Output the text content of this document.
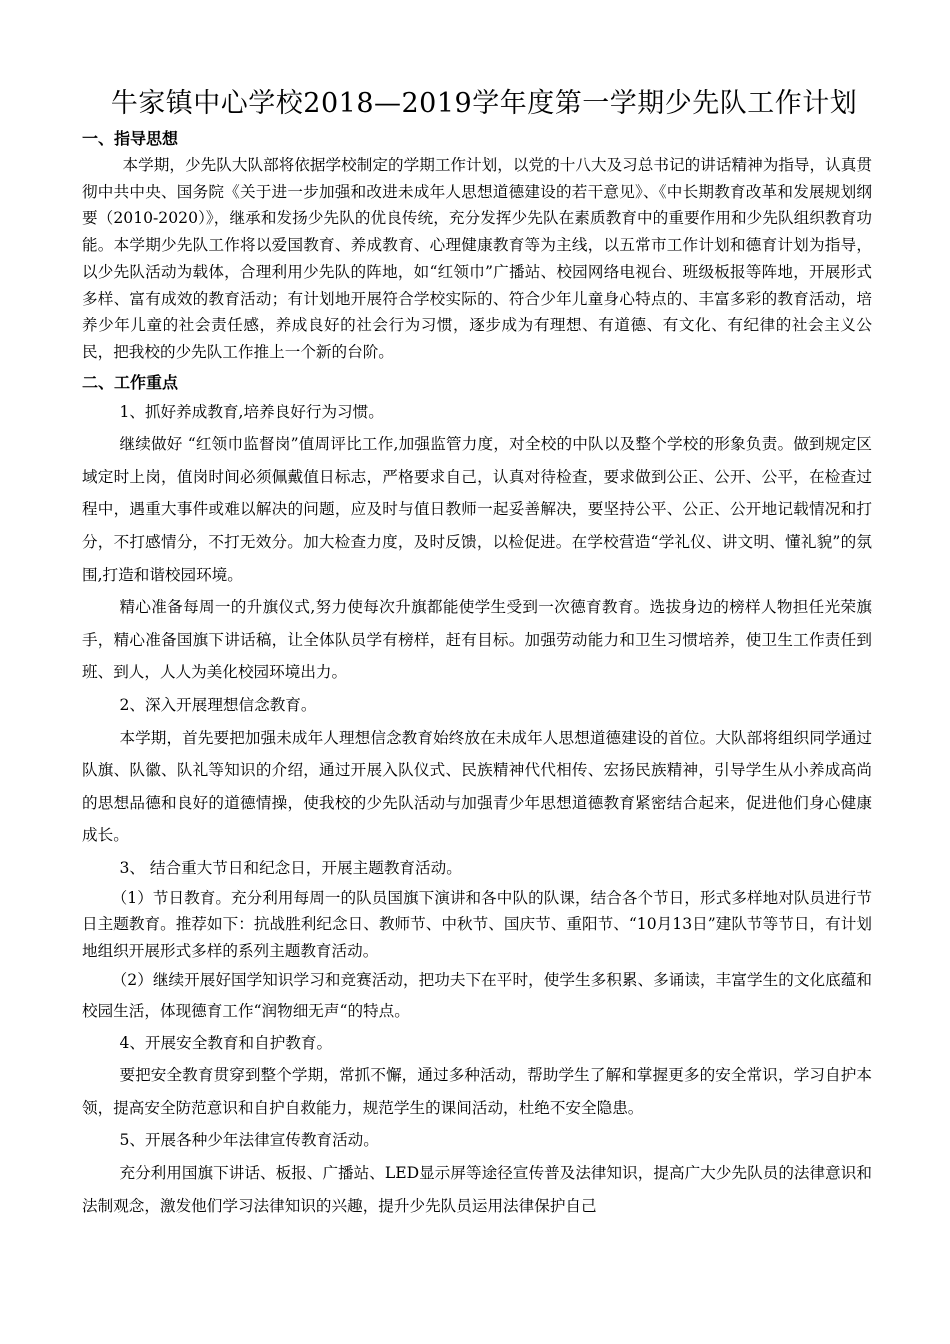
牛家镇中心学校2018—2019学年度第一学期少先队工作计划
一、指导思想

本学期，少先队大队部将依据学校制定的学期工作计划，以党的十八大及习总书记的讲话精神为指导，认真贯彻中共中央、国务院《关于进一步加强和改进未成年人思想道德建设的若干意见》、《中长期教育改革和发展规划纲要（2010-2020）》，继承和发扬少先队的优良传统，充分发挥少先队在素质教育中的重要作用和少先队组织教育功能。本学期少先队工作将以爱国教育、养成教育、心理健康教育等为主线，以五常市工作计划和德育计划为指导，以少先队活动为载体，合理利用少先队的阵地，如“红领巾”广播站、校园网络电视台、班级板报等阵地，开展形式多样、富有成效的教育活动；有计划地开展符合学校实际的、符合少年儿童身心特点的、丰富多彩的教育活动，培养少年儿童的社会责任感，养成良好的社会行为习惯，逐步成为有理想、有道德、有文化、有纪律的社会主义公民，把我校的少先队工作推上一个新的台阶。

二、工作重点

1、抓好养成教育,培养良好行为习惯。

继续做好 “红领巾监督岗”值周评比工作,加强监管力度，对全校的中队以及整个学校的形象负责。做到规定区域定时上岗，值岗时间必须佩戴值日标志，严格要求自己，认真对待检查，要求做到公正、公开、公平，在检查过程中，遇重大事件或难以解决的问题，应及时与值日教师一起妥善解决，要坚持公平、公正、公开地记载情况和打分，不打感情分，不打无效分。加大检查力度，及时反馈，以检促进。在学校营造“学礼仪、讲文明、懂礼貌”的氛围,打造和谐校园环境。

精心准备每周一的升旗仪式,努力使每次升旗都能使学生受到一次德育教育。选拔身边的榜样人物担任光荣旗手，精心准备国旗下讲话稿，让全体队员学有榜样，赶有目标。加强劳动能力和卫生习惯培养，使卫生工作责任到班、到人，人人为美化校园环境出力。

2、深入开展理想信念教育。

本学期，首先要把加强未成年人理想信念教育始终放在未成年人思想道德建设的首位。大队部将组织同学通过队旗、队徽、队礼等知识的介绍，通过开展入队仪式、民族精神代代相传、宏扬民族精神，引导学生从小养成高尚的思想品德和良好的道德情操，使我校的少先队活动与加强青少年思想道德教育紧密结合起来，促进他们身心健康成长。

3、 结合重大节日和纪念日，开展主题教育活动。

（1）节日教育。充分利用每周一的队员国旗下演讲和各中队的队课，结合各个节日，形式多样地对队员进行节日主题教育。推荐如下：抗战胜利纪念日、教师节、中秋节、国庆节、重阳节、“10月13日”建队节等节日，有计划地组织开展形式多样的系列主题教育活动。

（2）继续开展好国学知识学习和竞赛活动，把功夫下在平时，使学生多积累、多诵读，丰富学生的文化底蕴和校园生活，体现德育工作“润物细无声“的特点。

4、开展安全教育和自护教育。

要把安全教育贯穿到整个学期，常抓不懈，通过多种活动，帮助学生了解和掌握更多的安全常识，学习自护本领，提高安全防范意识和自护自救能力，规范学生的课间活动，杜绝不安全隐患。

5、开展各种少年法律宣传教育活动。

充分利用国旗下讲话、板报、广播站、LED显示屏等途径宣传普及法律知识，提高广大少先队员的法律意识和法制观念，激发他们学习法律知识的兴趣，提升少先队员运用法律保护自己
